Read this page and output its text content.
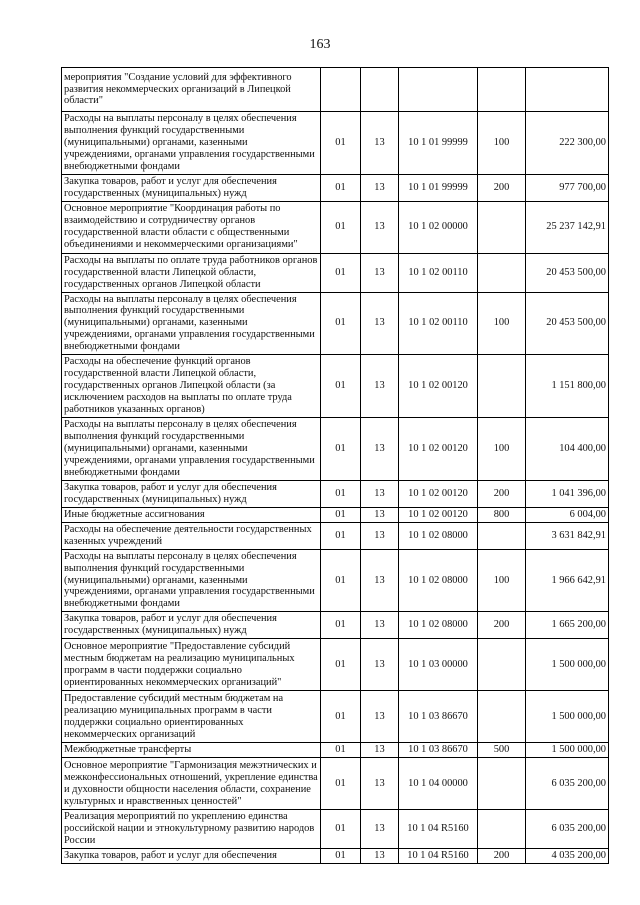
163
мероприятия "Создание условий для эффективного развития некоммерческих организаций в Липецкой области"					
Расходы на выплаты персоналу в целях обеспечения выполнения функций государственными (муниципальными) органами, казенными учреждениями, органами управления государственными внебюджетными фондами	01	13	10 1 01 99999	100	222 300,00
Закупка товаров, работ и услуг для обеспечения государственных (муниципальных) нужд	01	13	10 1 01 99999	200	977 700,00
Основное мероприятие "Координация работы по взаимодействию и сотрудничеству органов государственной власти области с общественными объединениями и некоммерческими организациями"	01	13	10 1 02 00000		25 237 142,91
Расходы на выплаты по оплате труда работников органов государственной власти Липецкой области, государственных органов Липецкой области	01	13	10 1 02 00110		20 453 500,00
Расходы на выплаты персоналу в целях обеспечения выполнения функций государственными (муниципальными) органами, казенными учреждениями, органами управления государственными внебюджетными фондами	01	13	10 1 02 00110	100	20 453 500,00
Расходы на обеспечение функций органов государственной власти Липецкой области, государственных органов Липецкой области (за исключением расходов на выплаты по оплате труда работников указанных органов)	01	13	10 1 02 00120		1 151 800,00
Расходы на выплаты персоналу в целях обеспечения выполнения функций государственными (муниципальными) органами, казенными учреждениями, органами управления государственными внебюджетными фондами	01	13	10 1 02 00120	100	104 400,00
Закупка товаров, работ и услуг для обеспечения государственных (муниципальных) нужд	01	13	10 1 02 00120	200	1 041 396,00
Иные бюджетные ассигнования	01	13	10 1 02 00120	800	6 004,00
Расходы на обеспечение деятельности государственных казенных учреждений	01	13	10 1 02 08000		3 631 842,91
Расходы на выплаты персоналу в целях обеспечения выполнения функций государственными (муниципальными) органами, казенными учреждениями, органами управления государственными внебюджетными фондами	01	13	10 1 02 08000	100	1 966 642,91
Закупка товаров, работ и услуг для обеспечения государственных (муниципальных) нужд	01	13	10 1 02 08000	200	1 665 200,00
Основное мероприятие "Предоставление субсидий местным бюджетам на реализацию муниципальных программ в части поддержки социально ориентированных некоммерческих организаций"	01	13	10 1 03 00000		1 500 000,00
Предоставление субсидий местным бюджетам на реализацию муниципальных программ в части поддержки социально ориентированных некоммерческих организаций	01	13	10 1 03 86670		1 500 000,00
Межбюджетные трансферты	01	13	10 1 03 86670	500	1 500 000,00
Основное мероприятие "Гармонизация межэтнических и межконфессиональных отношений, укрепление единства и духовности общности населения области, сохранение культурных и нравственных ценностей"	01	13	10 1 04 00000		6 035 200,00
Реализация мероприятий по укреплению единства российской нации и этнокультурному развитию народов России	01	13	10 1 04 R5160		6 035 200,00
Закупка товаров, работ и услуг для обеспечения	01	13	10 1 04 R5160	200	4 035 200,00
